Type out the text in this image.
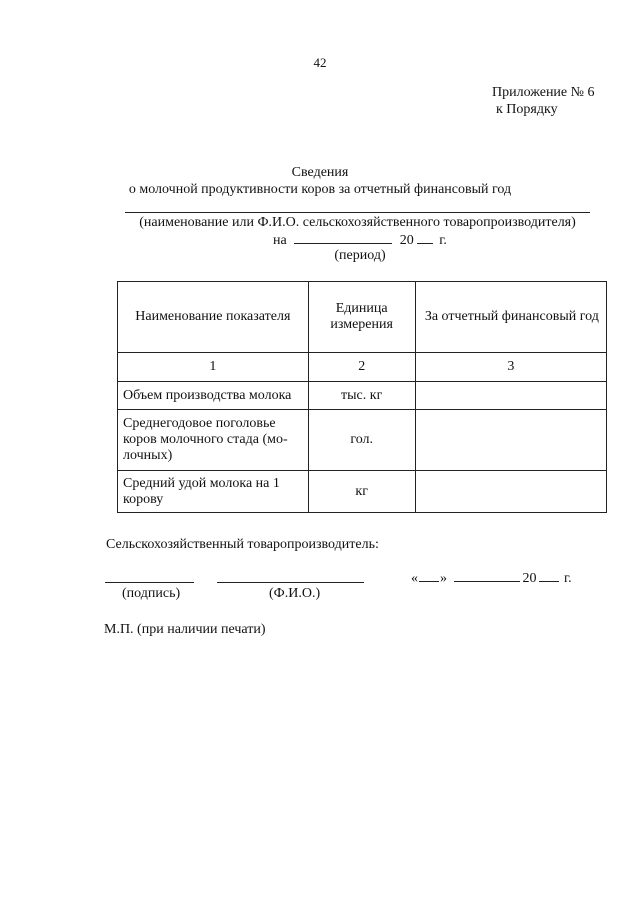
42
Приложение № 6
к Порядку
Сведения
о молочной продуктивности коров за отчетный финансовый год
(наименование или Ф.И.О. сельскохозяйственного товаропроизводителя)
на	20 г.
(период)
Наименование показателя	Единица измерения	За отчетный финансовый год
1	2	3
Объем производства молока	тыс. кг	
Среднегодовое поголовье коров молочного стада (мо-лочных)	гол.	
Средний удой молока на 1 корову	кг	
Сельскохозяйственный товаропроизводитель:
« »	20 г.
(подпись)	(Ф.И.О.)
М.П. (при наличии печати)
